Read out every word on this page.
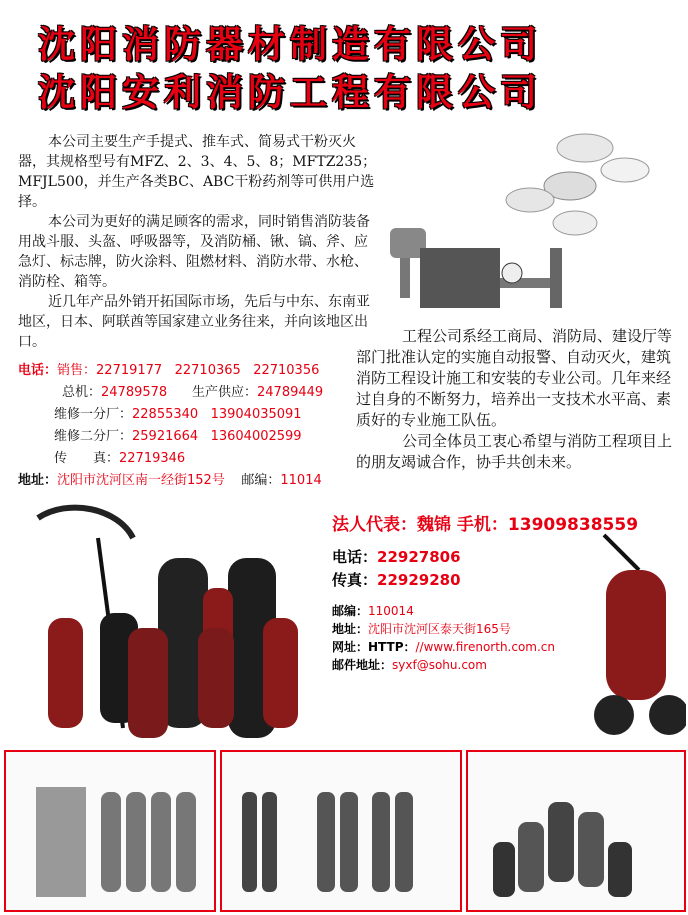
沈阳消防器材制造有限公司
沈阳安利消防工程有限公司

本公司主要生产手提式、推车式、简易式干粉灭火器，其规格型号有MFZ、2、3、4、5、8；MFTZ235；MFJL500，并生产各类BC、ABC干粉药剂等可供用户选择。

本公司为更好的满足顾客的需求，同时销售消防装备用战斗服、头盔、呼吸器等，及消防桶、锹、镐、斧、应急灯、标志牌，防火涂料、阻燃材料、消防水带、水枪、消防栓、箱等。

近几年产品外销开拓国际市场，先后与中东、东南亚地区，日本、阿联酋等国家建立业务往来，并向该地区出口。	工程公司系经工商局、消防局、建设厅等部门批准认定的实施自动报警、自动灭火，建筑消防工程设计施工和安装的专业公司。几年来经过自身的不断努力，培养出一支技术水平高、素质好的专业施工队伍。

公司全体员工衷心希望与消防工程项目上的朋友竭诚合作，协手共创未来。

电话：销售：22719177 22710365 22710356
总机：24789578 生产供应：24789449
维修一分厂：22855340 13904035091
维修二分厂：25921664 13604002599
传　　真：22719346
地址：沈阳市沈河区南一经街152号 邮编：11014
法人代表：魏锦 手机：13909838559
电话：22927806
传真：22929280
邮编：110014
地址：沈阳市沈河区泰天街165号
网址：HTTP：//www.firenorth.com.cn
邮件地址：syxf@sohu.com
